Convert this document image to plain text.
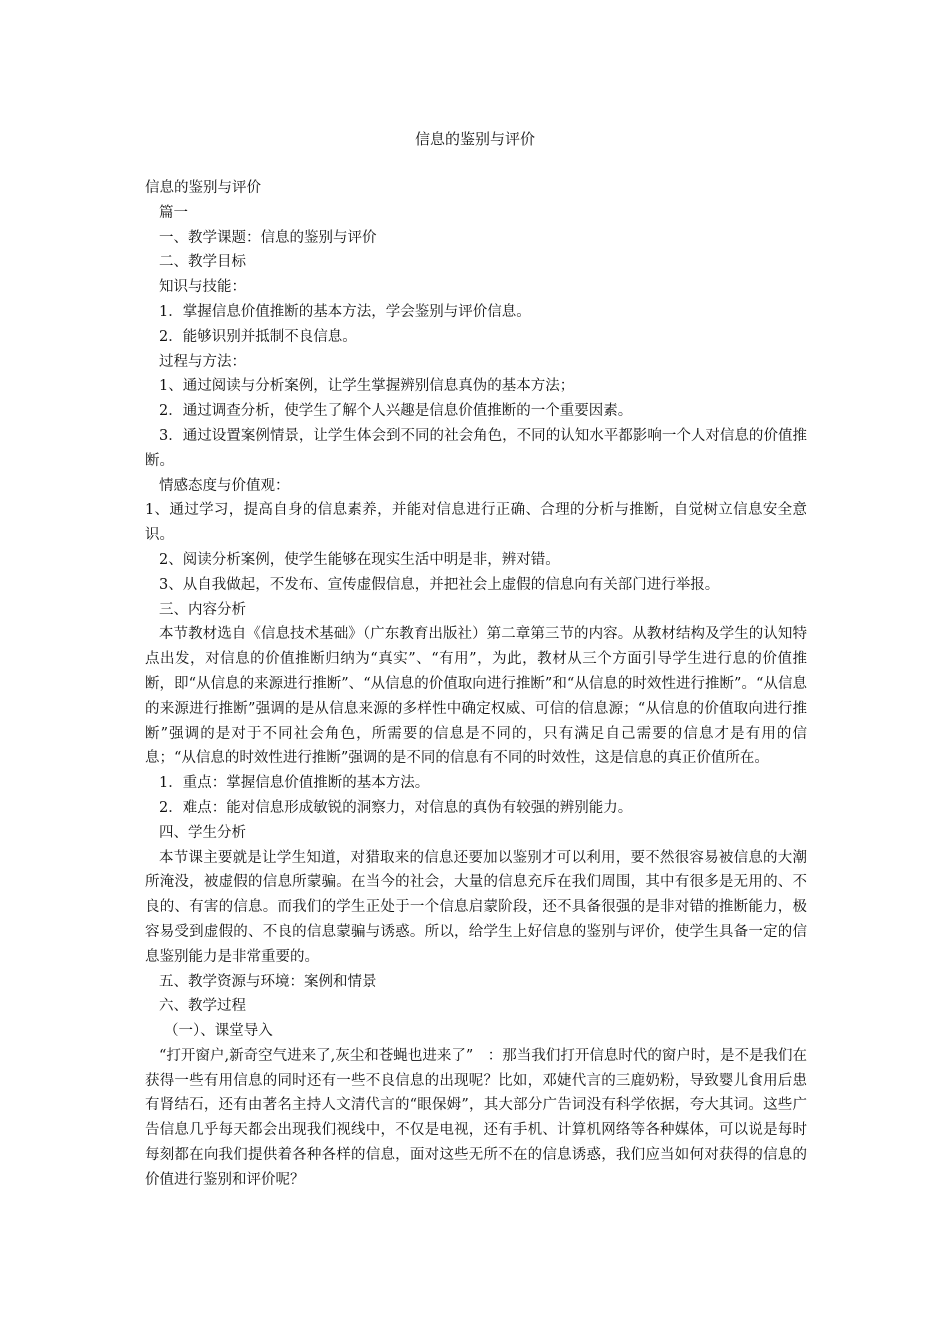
信息的鉴别与评价

信息的鉴别与评价

篇一

一、教学课题：信息的鉴别与评价

二、教学目标

知识与技能：

1．掌握信息价值推断的基本方法，学会鉴别与评价信息。

2．能够识别并抵制不良信息。

过程与方法：

1、通过阅读与分析案例，让学生掌握辨别信息真伪的基本方法；

2．通过调查分析，使学生了解个人兴趣是信息价值推断的一个重要因素。

3．通过设置案例情景，让学生体会到不同的社会角色，不同的认知水平都影响一个人对信息的价值推断。

情感态度与价值观：

1、通过学习，提高自身的信息素养，并能对信息进行正确、合理的分析与推断，自觉树立信息安全意识。

2、阅读分析案例，使学生能够在现实生活中明是非，辨对错。

3、从自我做起，不发布、宣传虚假信息，并把社会上虚假的信息向有关部门进行举报。

三、内容分析

本节教材选自《信息技术基础》（广东教育出版社）第二章第三节的内容。从教材结构及学生的认知特点出发，对信息的价值推断归纳为“真实”、“有用”，为此，教材从三个方面引导学生进行息的价值推断，即“从信息的来源进行推断”、“从信息的价值取向进行推断”和“从信息的时效性进行推断”。“从信息的来源进行推断”强调的是从信息来源的多样性中确定权威、可信的信息源；“从信息的价值取向进行推断”强调的是对于不同社会角色，所需要的信息是不同的，只有满足自己需要的信息才是有用的信息；“从信息的时效性进行推断”强调的是不同的信息有不同的时效性，这是信息的真正价值所在。

1．重点：掌握信息价值推断的基本方法。

2．难点：能对信息形成敏锐的洞察力，对信息的真伪有较强的辨别能力。

四、学生分析

本节课主要就是让学生知道，对猎取来的信息还要加以鉴别才可以利用，要不然很容易被信息的大潮所淹没，被虚假的信息所蒙骗。在当今的社会，大量的信息充斥在我们周围，其中有很多是无用的、不良的、有害的信息。而我们的学生正处于一个信息启蒙阶段，还不具备很强的是非对错的推断能力，极容易受到虚假的、不良的信息蒙骗与诱惑。所以，给学生上好信息的鉴别与评价，使学生具备一定的信息鉴别能力是非常重要的。

五、教学资源与环境：案例和情景

六、教学过程

（一）、课堂导入

“打开窗户,新奇空气进来了,灰尘和苍蝇也进来了”　：那当我们打开信息时代的窗户时，是不是我们在获得一些有用信息的同时还有一些不良信息的出现呢？比如，邓婕代言的三鹿奶粉，导致婴儿食用后患有肾结石，还有由著名主持人文清代言的“眼保姆”，其大部分广告词没有科学依据，夸大其词。这些广告信息几乎每天都会出现我们视线中，不仅是电视，还有手机、计算机网络等各种媒体，可以说是每时每刻都在向我们提供着各种各样的信息，面对这些无所不在的信息诱惑，我们应当如何对获得的信息的价值进行鉴别和评价呢？
